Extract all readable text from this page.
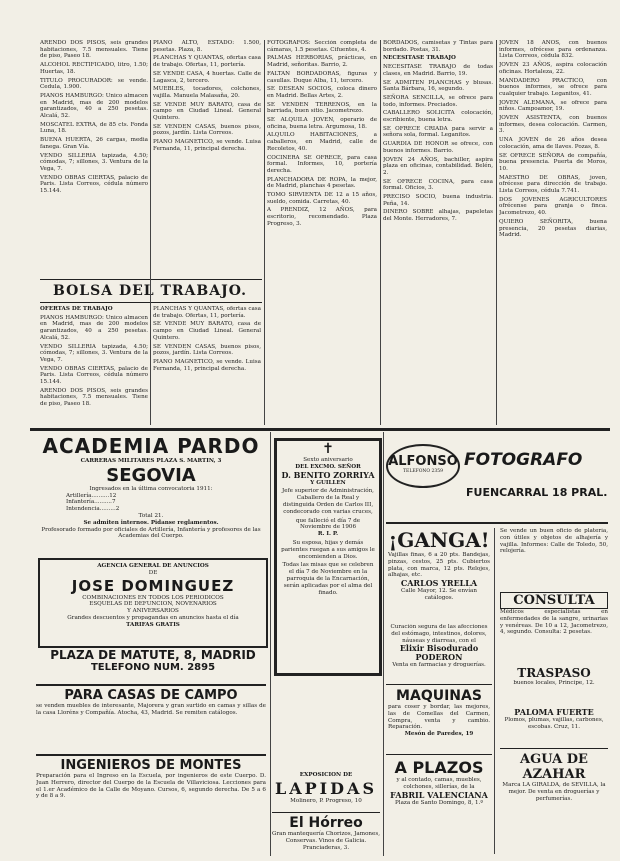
ARENDO DOS PISOS, seis grandes habitaciones, 7.5 mensuales. Tiene de piso, Paseo 18.

ALCOHOL RECTIFICADO, litro, 1.50; Huertas, 18.

TITULO PROCURADOR: se vende. Cedula, 1.900.

PIANOS HAMBURGO: Unico almacen en Madrid, mas de 200 modelos garantizados, 40 a 250 pesetas. Alcalá, 52.

MOSCATEL EXTRA, de 85 cts. Fonda Luna, 18.

BUENA HUERTA, 26 cargas, media fanega. Gran Vía.

VENDO SILLERIA tapizada, 4.50; cómodas, 7; sillones, 3. Ventura de la Vega, 7.

VENDO OBRAS CIERTAS, palacio de Paris. Lista Correos, cédula número 15.144.

PIANO ALTO, ESTADO: 1.500, pesetas. Plaza, 8.

PLANCHAS Y QUANTAS, ofertas casa de trabajo. Ofertas, 11, portería.

SE VENDE CASA, 4 huertas. Calle de Lagasca, 2, tercero.

MUEBLES, tocadores, colchones, vajilla. Manuela Malasaña, 20.

SE VENDE MUY BARATO, casa de campo en Ciudad Lineal. General Quintero.

SE VENDEN CASAS, buenos pisos, pozos, jardín. Lista Correos.

PIANO MAGNETICO, se vende. Luisa Fernanda, 11, principal derecha.

BOLSA DEL TRABAJO.

OFERTAS DE TRABAJO

PIANOS HAMBURGO: Unico almacen en Madrid, mas de 200 modelos garantizados, 40 a 250 pesetas. Alcalá, 52.

VENDO SILLERIA tapizada, 4.50; cómodas, 7; sillones, 3. Ventura de la Vega, 7.

VENDO OBRAS CIERTAS, palacio de Paris. Lista Correos, cédula número 15.144.

ARENDO DOS PISOS, seis grandes habitaciones, 7.5 mensuales. Tiene de piso, Paseo 18.

PLANCHAS Y QUANTAS, ofertas casa de trabajo. Ofertas, 11, portería.

SE VENDE MUY BARATO, casa de campo en Ciudad Lineal. General Quintero.

SE VENDEN CASAS, buenos pisos, pozos, jardín. Lista Correos.

PIANO MAGNETICO, se vende. Luisa Fernanda, 11, principal derecha.

FOTOGRAFOS: Sección completa de cámaras, 1.5 pesetas. Cifuentes, 4.

PALMAS HERBORIAS, prácticas, en Madrid, señoritas. Barrio, 2.

FALTAN BORDADORAS, figuras y casullas. Duque Alba, 11, tercero.

SE DESEAN SOCIOS, coloca dinero en Madrid. Bellas Artes, 2.

SE VENDEN TERRENOS, en la barriada, buen sitio. Jacometrezo.

SE ALQUILA JOVEN, operario de oficina, buena letra. Argumosa, 18.

ALQUILO HABITACIONES, a caballeros, en Madrid, calle de Recoletos, 40.

COCINERA SE OFRECE, para casa formal. Informes, 10, portería derecha.

PLANCHADORA DE ROPA, la mejor, de Madrid, planchas 4 pesetas.

TOMO SIRVIENTA DE 12 a 15 años, sueldo, comida. Carretas, 40.

A PRENDIZ, 12 AÑOS, para escritorio, recomendado. Plaza Progreso, 3.

BORDADOS, camisetas y Tintas para bordado. Postas, 31.

NECESITASE TRABAJO

NECESITASE TRABAJO de todas clases, en Madrid. Barrio, 19.

SE ADMITEN PLANCHAS y blusas. Santa Bárbara, 16, segundo.

SEÑORA SENCILLA, se ofrece para todo, informes. Preciados.

CABALLERO SOLICITA colocación, escribiente, buena letra.

SE OFRECE CRIADA para servir a señora sola, formal. Leganitos.

GUARDIA DE HONOR se ofrece, con buenos informes. Barrio.

JOVEN 24 AÑOS, bachiller, aspira plaza en oficinas, contabilidad. Belén, 2.

SE OFRECE COCINA, para casa formal. Oficios, 3.

PRECISO SOCIO, buena industria. Peña, 14.

DINERO SOBRE alhajas, papeletas del Monte. Herradores, 7.

JOVEN 18 AÑOS, con buenos informes, ofrécese para ordenanza. Lista Correos, cédula 832.

JOVEN 23 AÑOS, aspira colocación oficinas. Hortaleza, 22.

MANDADERO PRACTICO, con buenos informes, se ofrece para cualquier trabajo. Leganitos, 41.

JOVEN ALEMANA, se ofrece para niños. Campoamor, 19.

JOVEN ASISTENTA, con buenos informes, desea colocación. Carmen, 3.

UNA JOVEN de 26 años desea colocación, ama de llaves. Pozas, 8.

SE OFRECE SEÑORA de compañía, buena presencia. Puerta de Moros, 10.

MAESTRO DE OBRAS, joven, ofrécese para dirección de trabajo. Lista Correos, cédula 7.741.

DOS JOVENES AGRICULTORES ofrécense para granja o finca. Jacometrezo, 40.

QUIERO SEÑORITA, buena presencia, 20 pesetas diarias, Madrid.

ACADEMIA PARDO
CARRERAS MILITARES PLAZA S. MARTIN, 3
SEGOVIA
Ingresados en la última convocatoria 1911:
Artillería..........12
Infantería..........7
Intendencia.........2
Total 21.
Se admiten internos. Pidanse reglamentos.
Profesorado formado por oficiales de Artillería, Infantería y profesores de las Academias del Cuerpo.
AGENCIA GENERAL DE ANUNCIOS
DE
JOSE DOMINGUEZ
COMBINACIONES EN TODOS LOS PERIODICOS
ESQUELAS DE DEFUNCION, NOVENARIOS
Y ANIVERSARIOS
Grandes descuentos y propagandas en anuncios hasta el día
TARIFAS GRATIS
PLAZA DE MATUTE, 8, MADRID
TELEFONO NUM. 2895
PARA CASAS DE CAMPO
se venden muebles de interesante, Majorera y gran surtido en camas y sillas de la casa Lloréns y Compañía. Atocha, 43, Madrid. Se remiten catálogos.
INGENIEROS DE MONTES
Preparación para el Ingreso en la Escuela, por ingenieros de este Cuerpo. D. Juan Herrero, director del Cuerpo de la Escuela de Villaviciosa. Lecciones para el 1.er Académico de la Calle de Moyano. Cursos, 6, segundo derecha. De 5 a 6 y de 8 a 9.
✝
Sexto aniversario
DEL EXCMO. SEÑOR
D. BENITO ZORRIYA
Y GUILLEN
Jefe superior de Administración, Caballero de la Real y distinguida Orden de Carlos III, condecorado con varias cruces,
que falleció el día 7 de Noviembre de 1906
R. I. P.
Su esposa, hijas y demás parientes ruegan a sus amigos le encomienden a Dios.
Todas las misas que se celebren el día 7 de Noviembre en la parroquia de la Encarnación, serán aplicadas por el alma del finado.
EXPOSICION DE
LAPIDAS
Molinero, P. Progreso, 10
El Hórreo
Gran mantequería Chorizos, Jamones, Conservas. Vinos de Galicia. Pranciaderas, 3.
ALFONSO
TELEFONO 2359
FOTOGRAFO
FUENCARRAL 18 PRAL.
¡GANGA!
Vajillas finas, 6 a 20 pts. Bandejas, pinzas, cestos, 25 pts. Cubiertos plata, con marca, 12 pts. Relojes, alhajas, etc.
CARLOS YRELLA
Calle Mayor, 12. Se envían catálogos.
Curación segura de las afecciones del estómago, intestinos, dolores, náuseas y diarreas, con el
Elixir Bisodurado PODERON
Venta en farmacias y droguerías.
MAQUINAS
para coser y bordar, las mejores, las de Comellas del Carmen, Compra, venta y cambio. Reparación.
Mesón de Paredes, 19
A PLAZOS
y al contado, camas, muebles, colchones, sillerías, de la
FABRIL VALENCIANA
Plaza de Santo Domingo, 8, 1.º
Se vende un buen oficio de platería, con útiles y objetos de alhajería y vajilla. Informes: Calle de Toledo, 50, relojería.
CONSULTA
Médicos especialistas en enfermedades de la sangre, urinarias y venéreas. De 10 a 12, Jacometrezo, 4, segundo. Consulta: 2 pesetas.
TRASPASO
buenos locales, Principe, 12.
PALOMA FUERTE
Plomos, plumas, vajillas, carbones, escobas. Cruz, 11.
AGUA DE AZAHAR
Marca LA GIRALDA, de SEVILLA, la mejor. De venta en droguerías y perfumerías.
